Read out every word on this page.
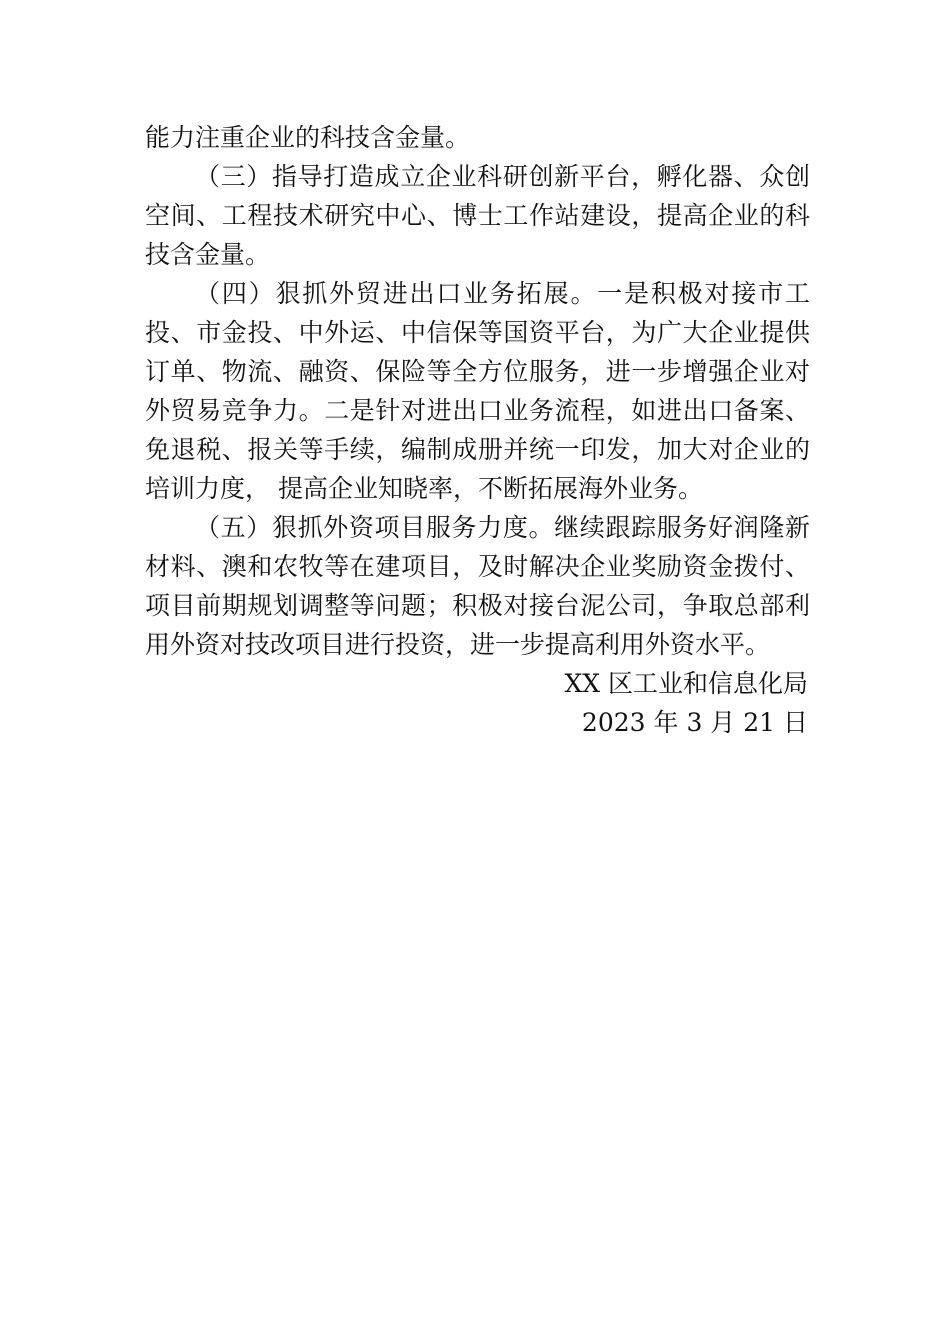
能力注重企业的科技含金量。

（三）指导打造成立企业科研创新平台，孵化器、众创空间、工程技术研究中心、博士工作站建设，提高企业的科技含金量。

（四）狠抓外贸进出口业务拓展。一是积极对接市工投、市金投、中外运、中信保等国资平台，为广大企业提供订单、物流、融资、保险等全方位服务，进一步增强企业对外贸易竞争力。二是针对进出口业务流程，如进出口备案、免退税、报关等手续，编制成册并统一印发，加大对企业的培训力度， 提高企业知晓率，不断拓展海外业务。

（五）狠抓外资项目服务力度。继续跟踪服务好润隆新材料、澳和农牧等在建项目，及时解决企业奖励资金拨付、 项目前期规划调整等问题；积极对接台泥公司，争取总部利用外资对技改项目进行投资，进一步提高利用外资水平。

XX 区工业和信息化局

2023 年 3 月 21 日
